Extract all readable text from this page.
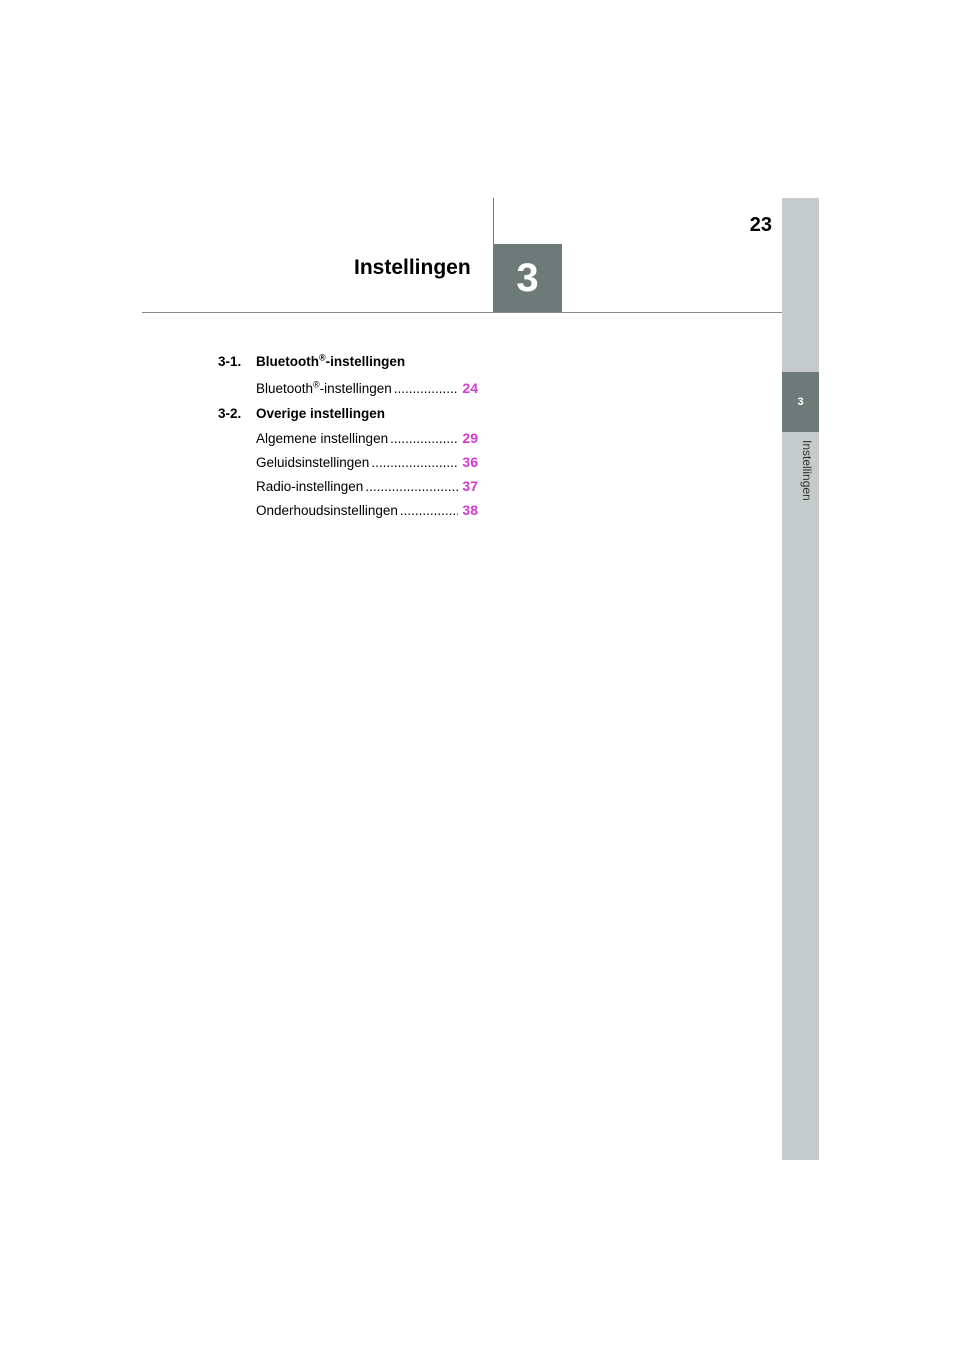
23
Instellingen 3
3
Instellingen
3-1. Bluetooth®-instellingen
Bluetooth®-instellingen .....	24
3-2. Overige instellingen
Algemene instellingen .....	29
Geluidsinstellingen .....	36
Radio-instellingen .....	37
Onderhoudsinstellingen .....	38
